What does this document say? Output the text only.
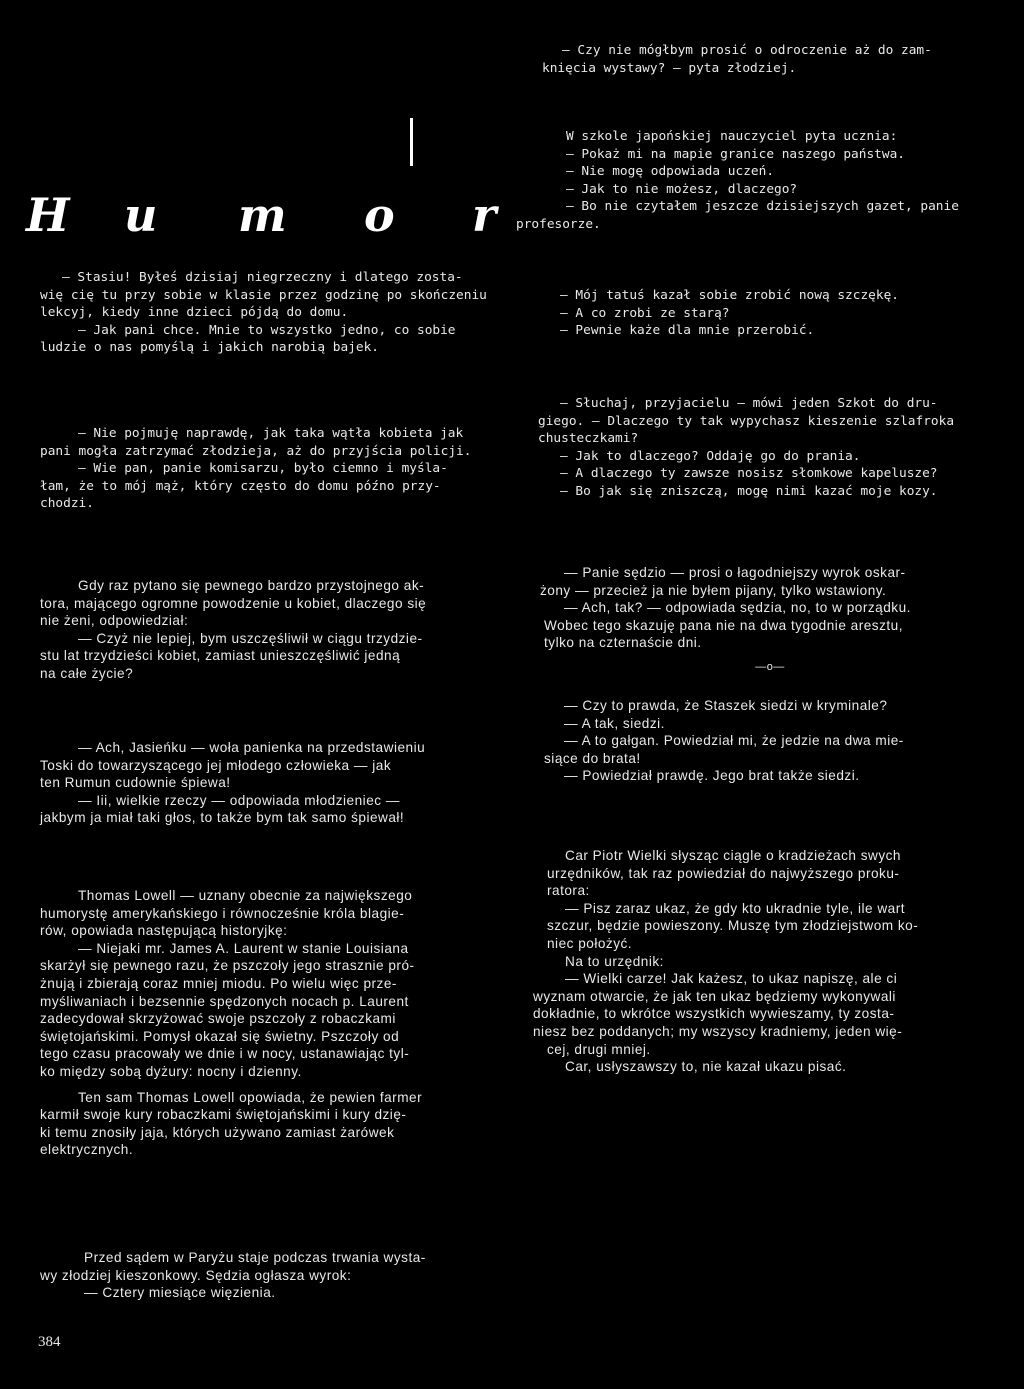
H u m o r

— Czy nie mógłbym prosić o odroczenie aż do zam-

knięcia wystawy? — pyta złodziej.

W szkole japońskiej nauczyciel pyta ucznia:

— Pokaż mi na mapie granice naszego państwa.

— Nie mogę odpowiada uczeń.

— Jak to nie możesz, dlaczego?

— Bo nie czytałem jeszcze dzisiejszych gazet, panie

profesorze.

— Mój tatuś kazał sobie zrobić nową szczękę.

— A co zrobi ze starą?

— Pewnie każe dla mnie przerobić.

— Słuchaj, przyjacielu — mówi jeden Szkot do dru-

giego. — Dlaczego ty tak wypychasz kieszenie szlafroka

chusteczkami?

— Jak to dlaczego? Oddaję go do prania.

— A dlaczego ty zawsze nosisz słomkowe kapelusze?

— Bo jak się zniszczą, mogę nimi kazać moje kozy.

— Panie sędzio — prosi o łagodniejszy wyrok oskar-

żony — przecież ja nie byłem pijany, tylko wstawiony.

— Ach, tak? — odpowiada sędzia, no, to w porządku.

Wobec tego skazuję pana nie na dwa tygodnie aresztu,

tylko na czternaście dni.

—o—

— Czy to prawda, że Staszek siedzi w kryminale?

— A tak, siedzi.

— A to gałgan. Powiedział mi, że jedzie na dwa mie-

siące do brata!

— Powiedział prawdę. Jego brat także siedzi.

Car Piotr Wielki słysząc ciągle o kradzieżach swych

urzędników, tak raz powiedział do najwyższego proku-

ratora:

— Pisz zaraz ukaz, że gdy kto ukradnie tyle, ile wart

szczur, będzie powieszony. Muszę tym złodziejstwom ko-

niec położyć.

Na to urzędnik:

— Wielki carze! Jak każesz, to ukaz napiszę, ale ci

wyznam otwarcie, że jak ten ukaz będziemy wykonywali

dokładnie, to wkrótce wszystkich wywieszamy, ty zosta-

niesz bez poddanych; my wszyscy kradniemy, jeden wię-

cej, drugi mniej.

Car, usłyszawszy to, nie kazał ukazu pisać.

— Stasiu! Byłeś dzisiaj niegrzeczny i dlatego zosta-

wię cię tu przy sobie w klasie przez godzinę po skończeniu

lekcyj, kiedy inne dzieci pójdą do domu.

— Jak pani chce. Mnie to wszystko jedno, co sobie

ludzie o nas pomyślą i jakich narobią bajek.

— Nie pojmuję naprawdę, jak taka wątła kobieta jak

pani mogła zatrzymać złodzieja, aż do przyjścia policji.

— Wie pan, panie komisarzu, było ciemno i myśla-

łam, że to mój mąż, który często do domu późno przy-

chodzi.

Gdy raz pytano się pewnego bardzo przystojnego ak-

tora, mającego ogromne powodzenie u kobiet, dlaczego się

nie żeni, odpowiedział:

— Czyż nie lepiej, bym uszczęśliwił w ciągu trzydzie-

stu lat trzydzieści kobiet, zamiast unieszczęśliwić jedną

na całe życie?

— Ach, Jasieńku — woła panienka na przedstawieniu

Toski do towarzyszącego jej młodego człowieka — jak

ten Rumun cudownie śpiewa!

— Iii, wielkie rzeczy — odpowiada młodzieniec —

jakbym ja miał taki głos, to także bym tak samo śpiewał!

Thomas Lowell — uznany obecnie za największego

humorystę amerykańskiego i równocześnie króla blagie-

rów, opowiada następującą historyjkę:

— Niejaki mr. James A. Laurent w stanie Louisiana

skarżył się pewnego razu, że pszczoły jego strasznie pró-

żnują i zbierają coraz mniej miodu. Po wielu więc prze-

myśliwaniach i bezsennie spędzonych nocach p. Laurent

zadecydował skrzyżować swoje pszczoły z robaczkami

świętojańskimi. Pomysł okazał się świetny. Pszczoły od

tego czasu pracowały we dnie i w nocy, ustanawiając tyl-

ko między sobą dyżury: nocny i dzienny.

Ten sam Thomas Lowell opowiada, że pewien farmer

karmił swoje kury robaczkami świętojańskimi i kury dzię-

ki temu znosiły jaja, których używano zamiast żarówek

elektrycznych.

Przed sądem w Paryżu staje podczas trwania wysta-

wy złodziej kieszonkowy. Sędzia ogłasza wyrok:

— Cztery miesiące więzienia.

384
